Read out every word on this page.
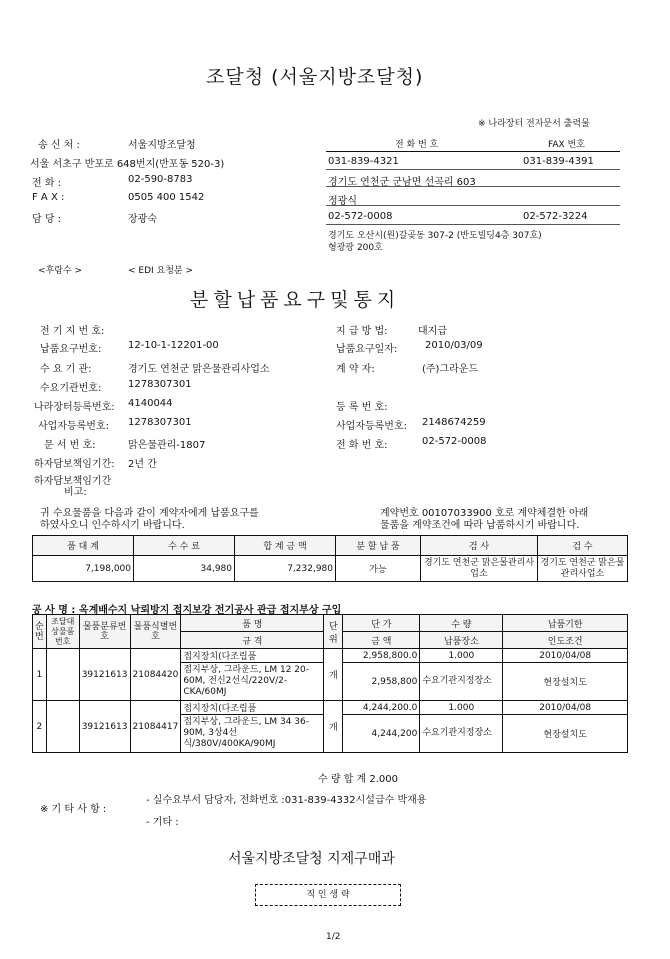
조달청 (서울지방조달청)
※ 나라장터 전자문서 출력물
송 신 처 :	서울지방조달청
서울 서초구 반포로 648번지(반포동 520-3)
전 화 :	02-590-8783
F A X :	0505 400 1542
담 당 :	장광숙
전 화 번 호	FAX 번호
031-839-4321	031-839-4391
경기도 연천군 군남면 선곡리 603
정광식
02-572-0008	02-572-3224
경기도 오산시(원)갈곶동 307-2 (반도빌딩4층 307호)
형광광 200호
<후람수 >	< EDI 요청분 >
분할납품요구및통지
전 기 지 번 호:
납품요구번호:	12-10-1-12201-00
수 요 기 관:	경기도 연천군 맑은물관리사업소
수요기관번호:	1278307301
나라장터등록번호: 4140044
사업자등록번호: 1278307301
문 서 번 호:	맑은물관리-1807
하자담보책임기간: 2년 간
하자담보책임기간
비고:
지 급 방 법:	대지급
납품요구일자:	2010/03/09
계 약 자:	(주)그라운드
등 록 번 호:
사업자등록번호: 2148674259
전 화 번 호:	02-572-0008
귀 수요물품을 다음과 같이 계약자에게 납품요구를
하였사오니 인수하시기 바랍니다.
계약번호 00107033900 호로 계약체결한 아래
물품을 계약조건에 따라 납품하시기 바랍니다.
품 대 계	수 수 료	합 계 금 액	분 할 납 품	검 사	검 수
7,198,000	34,980	7,232,980	가능	경기도 연천군 맑은물관리사업소	경기도 연천군 맑은물관리사업소
공 사 명 : 옥계배수지 낙뢰방지 접지보강 전기공사 관급 접지부상 구입
순번	조달대상물품번호	물품분류번호	물품식별번호	품 명	단위	단 가	수 량	납품기한
				규 격		금 액	납품장소	인도조건
1		39121613	21084420	접지장치(다조립품	개	2,958,800.0	1.000	2010/04/08
				접지부상, 그라운드, LM 12 20-60M, 전신2선식/220V/2-CKA/60MJ		2,958,800	수요기관지정장소	현장설치도
2		39121613	21084417	접지장치(다조립품	개	4,244,200.0	1.000	2010/04/08
				접지부상, 그라운드, LM 34 36-90M, 3상4선식/380V/400KA/90MJ		4,244,200	수요기관지정장소	현장설치도
수 량 합 계 2.000
※ 기 타 사 항 :
- 실수요부서 담당자, 전화번호 :031-839-4332시설급수 박재용
- 기타 :
서울지방조달청 지제구매과
직 인 생 략
1/2
